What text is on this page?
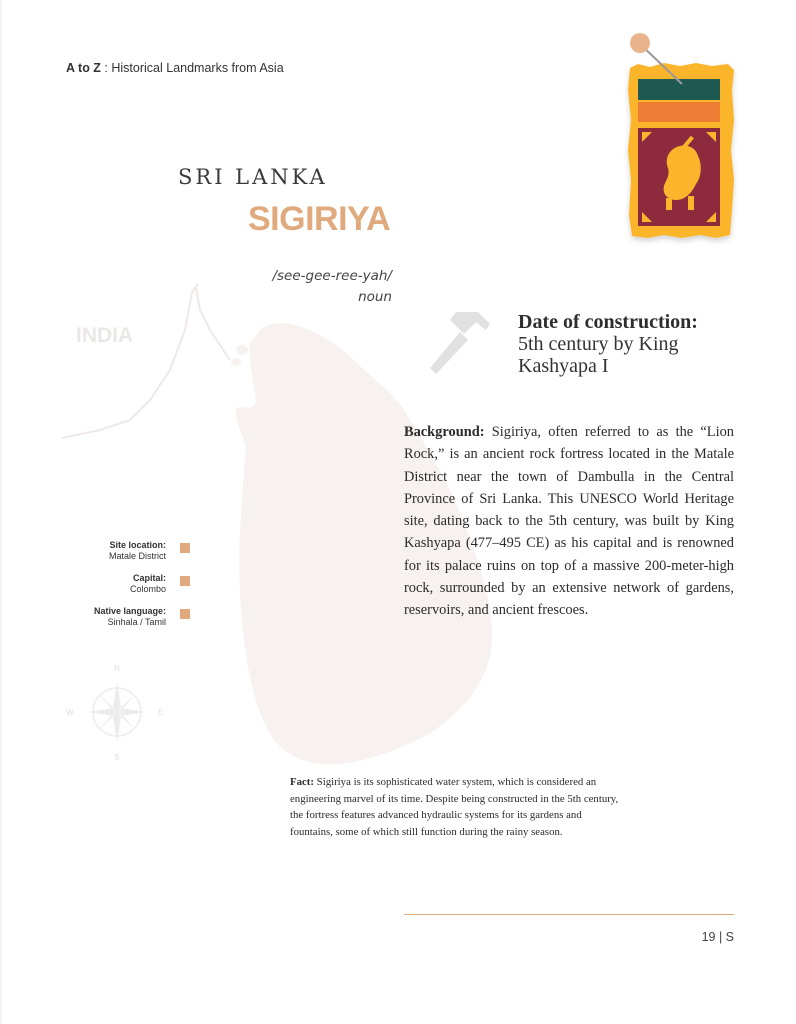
A to Z : Historical Landmarks from Asia
INDIA
N
S
W	E
SRI LANKA
SIGIRIYA
/see-gee-ree-yah/
noun
Date of construction:
5th century by King Kashyapa I
Background: Sigiriya, often referred to as the “Lion Rock,” is an ancient rock fortress located in the Matale District near the town of Dambulla in the Central Province of Sri Lanka. This UNESCO World Heritage site, dating back to the 5th century, was built by King Kashyapa (477–495 CE) as his capital and is renowned for its palace ruins on top of a massive 200-meter-high rock, surrounded by an extensive network of gardens, reservoirs, and ancient frescoes.
Site location:
Matale District
Capital:
Colombo
Native language:
Sinhala / Tamil
Fact: Sigiriya is its sophisticated water system, which is considered an engineering marvel of its time. Despite being constructed in the 5th century, the fortress features advanced hydraulic systems for its gardens and fountains, some of which still function during the rainy season.
19 | S
